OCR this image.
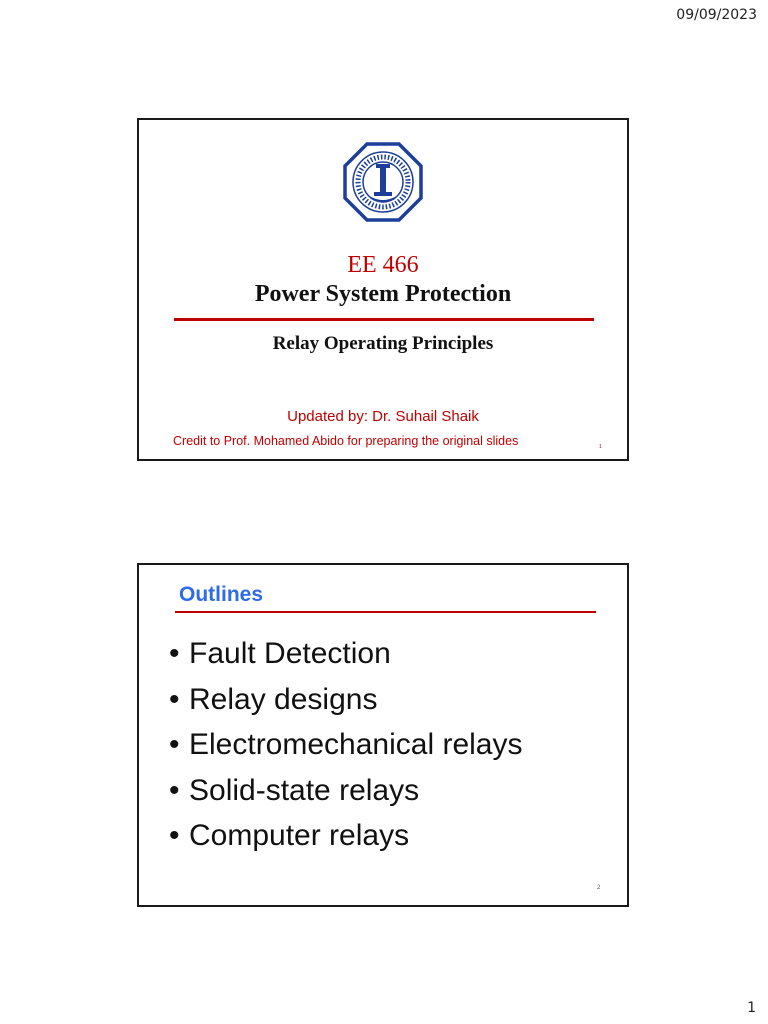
09/09/2023
EE 466
Power System Protection
Relay Operating Principles
Updated by: Dr. Suhail Shaik
Credit to Prof. Mohamed Abido for preparing the original slides	1
Outlines
• Fault Detection
• Relay designs
• Electromechanical relays
• Solid-state relays
• Computer relays
2
1
